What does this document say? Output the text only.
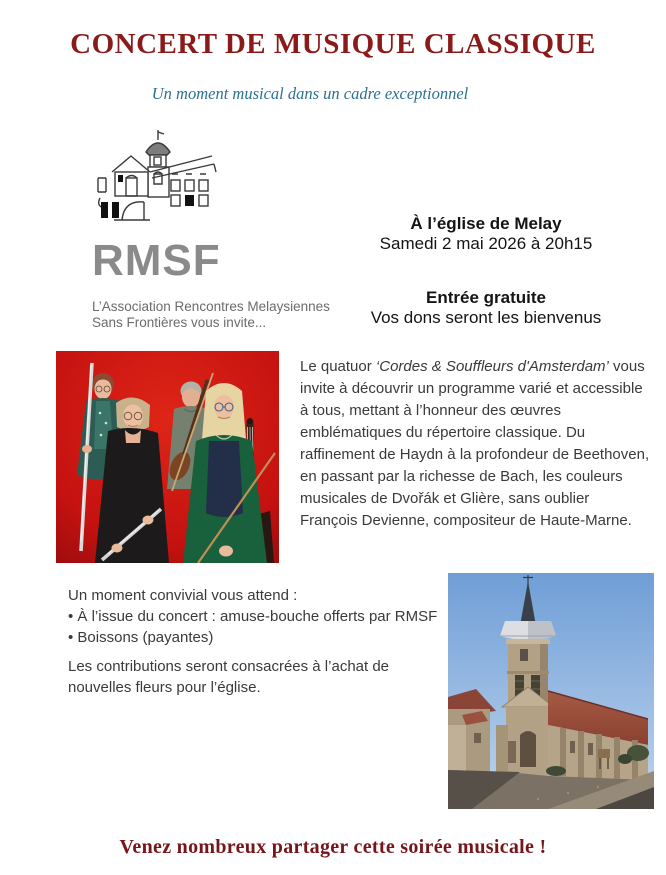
CONCERT DE MUSIQUE CLASSIQUE
Un moment musical dans un cadre exceptionnel
RMSF
L’Association Rencontres Melaysiennes
Sans Frontières vous invite...
À l’église de Melay
Samedi 2 mai 2026 à 20h15
Entrée gratuite
Vos dons seront les bienvenus
Le quatuor ‘Cordes & Souffleurs d'Amsterdam’ vous invite à découvrir un programme varié et accessible à tous, mettant à l’honneur des œuvres emblématiques du répertoire classique. Du raffinement de Haydn à la profondeur de Beethoven, en passant par la richesse de Bach, les couleurs musicales de Dvořák et Glière, sans oublier François Devienne, compositeur de Haute-Marne.
Un moment convivial vous attend :
• À l’issue du concert : amuse-bouche offerts par RMSF
• Boissons (payantes)
Les contributions seront consacrées à l’achat de nouvelles fleurs pour l’église.
Venez nombreux partager cette soirée musicale !
